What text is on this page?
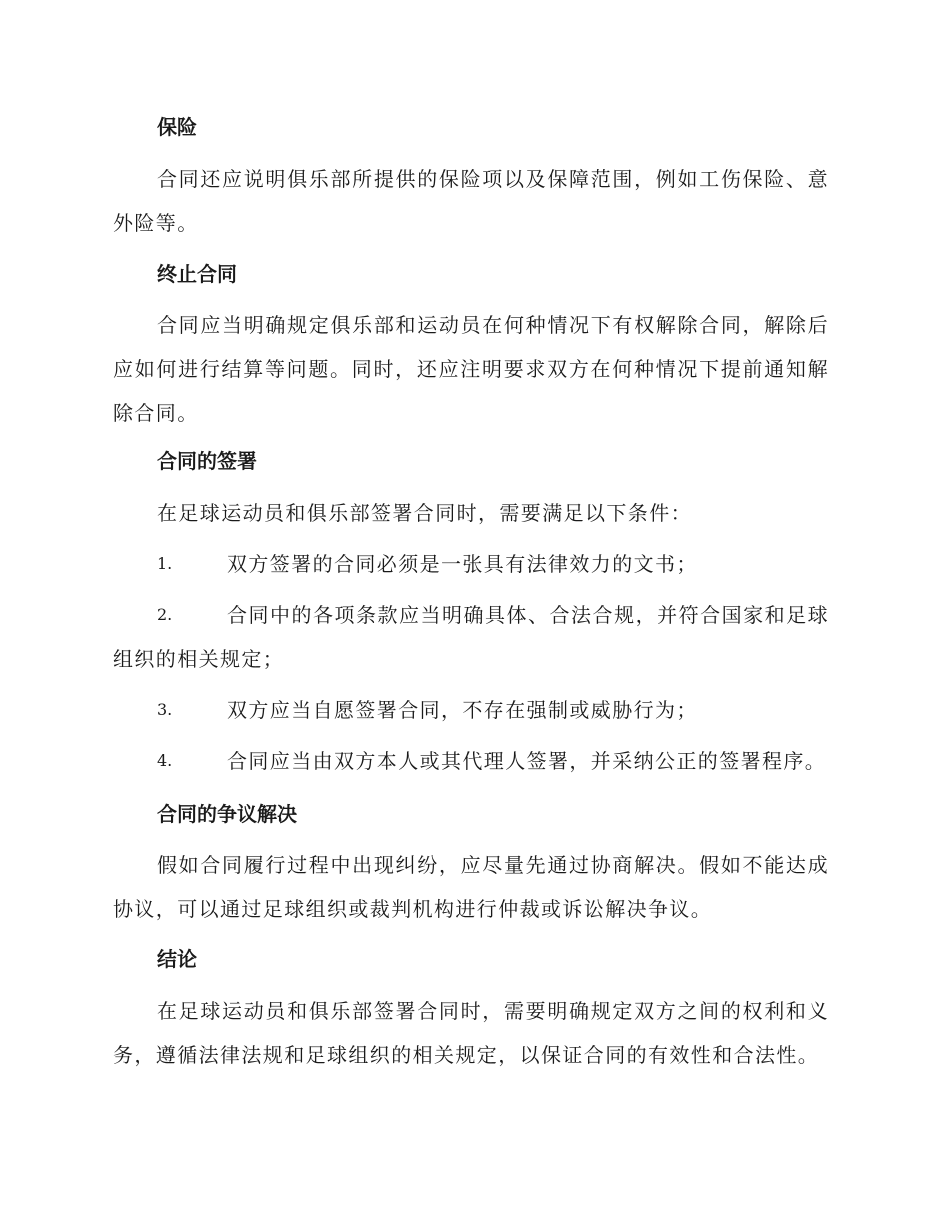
保险

合同还应说明俱乐部所提供的保险项以及保障范围，例如工伤保险、意外险等。

终止合同

合同应当明确规定俱乐部和运动员在何种情况下有权解除合同，解除后应如何进行结算等问题。同时，还应注明要求双方在何种情况下提前通知解除合同。

合同的签署

在足球运动员和俱乐部签署合同时，需要满足以下条件：

1.	双方签署的合同必须是一张具有法律效力的文书；
2.	合同中的各项条款应当明确具体、合法合规，并符合国家和足球组织的相关规定；
3.	双方应当自愿签署合同，不存在强制或威胁行为；
4.	合同应当由双方本人或其代理人签署，并采纳公正的签署程序。
合同的争议解决

假如合同履行过程中出现纠纷，应尽量先通过协商解决。假如不能达成协议，可以通过足球组织或裁判机构进行仲裁或诉讼解决争议。

结论

在足球运动员和俱乐部签署合同时，需要明确规定双方之间的权利和义务，遵循法律法规和足球组织的相关规定，以保证合同的有效性和合法性。
